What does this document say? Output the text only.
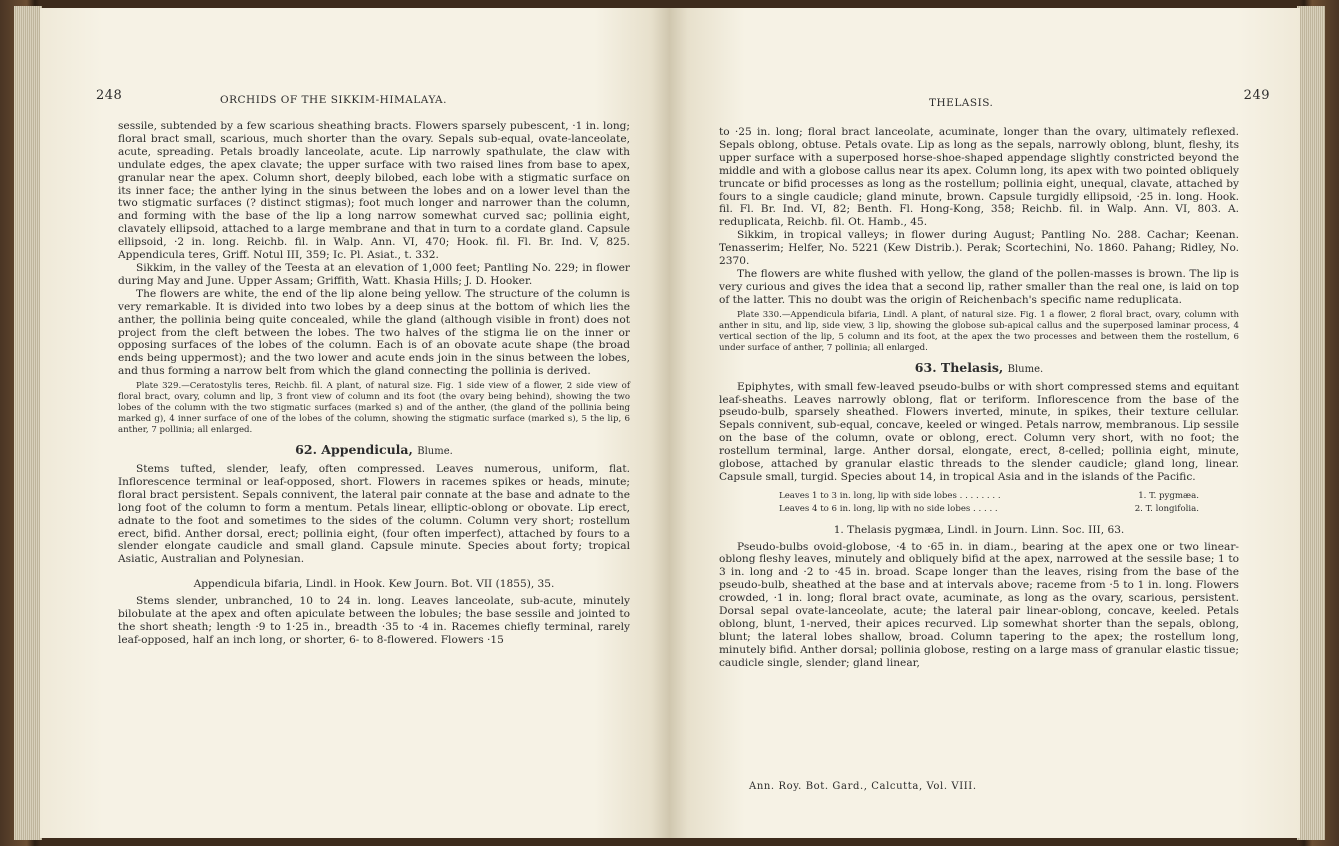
248	ORCHIDS OF THE SIKKIM-HIMALAYA.

sessile, subtended by a few scarious sheathing bracts. Flowers sparsely pubescent, ·1 in. long; floral bract small, scarious, much shorter than the ovary. Sepals sub-equal, ovate-lanceolate, acute, spreading. Petals broadly lanceolate, acute. Lip narrowly spathulate, the claw with undulate edges, the apex clavate; the upper surface with two raised lines from base to apex, granular near the apex. Column short, deeply bilobed, each lobe with a stigmatic surface on its inner face; the anther lying in the sinus between the lobes and on a lower level than the two stigmatic surfaces (? distinct stigmas); foot much longer and narrower than the column, and forming with the base of the lip a long narrow somewhat curved sac; pollinia eight, clavately ellipsoid, attached to a large membrane and that in turn to a cordate gland. Capsule ellipsoid, ·2 in. long. Reichb. fil. in Walp. Ann. VI, 470; Hook. fil. Fl. Br. Ind. V, 825. Appendicula teres, Griff. Notul III, 359; Ic. Pl. Asiat., t. 332.

Sikkim, in the valley of the Teesta at an elevation of 1,000 feet; Pantling No. 229; in flower during May and June. Upper Assam; Griffith, Watt. Khasia Hills; J. D. Hooker.

The flowers are white, the end of the lip alone being yellow. The structure of the column is very remarkable. It is divided into two lobes by a deep sinus at the bottom of which lies the anther, the pollinia being quite concealed, while the gland (although visible in front) does not project from the cleft between the lobes. The two halves of the stigma lie on the inner or opposing surfaces of the lobes of the column. Each is of an obovate acute shape (the broad ends being uppermost); and the two lower and acute ends join in the sinus between the lobes, and thus forming a narrow belt from which the gland connecting the pollinia is derived.

Plate 329.—Ceratostylis teres, Reichb. fil. A plant, of natural size. Fig. 1 side view of a flower, 2 side view of floral bract, ovary, column and lip, 3 front view of column and its foot (the ovary being behind), showing the two lobes of the column with the two stigmatic surfaces (marked s) and of the anther, (the gland of the pollinia being marked g), 4 inner surface of one of the lobes of the column, showing the stigmatic surface (marked s), 5 the lip, 6 anther, 7 pollinia; all enlarged.

62. Appendicula, Blume.

Stems tufted, slender, leafy, often compressed. Leaves numerous, uniform, flat. Inflorescence terminal or leaf-opposed, short. Flowers in racemes spikes or heads, minute; floral bract persistent. Sepals connivent, the lateral pair connate at the base and adnate to the long foot of the column to form a mentum. Petals linear, elliptic-oblong or obovate. Lip erect, adnate to the foot and sometimes to the sides of the column. Column very short; rostellum erect, bifid. Anther dorsal, erect; pollinia eight, (four often imperfect), attached by fours to a slender elongate caudicle and small gland. Capsule minute. Species about forty; tropical Asiatic, Australian and Polynesian.

Appendicula bifaria, Lindl. in Hook. Kew Journ. Bot. VII (1855), 35.

Stems slender, unbranched, 10 to 24 in. long. Leaves lanceolate, sub-acute, minutely bilobulate at the apex and often apiculate between the lobules; the base sessile and jointed to the short sheath; length ·9 to 1·25 in., breadth ·35 to ·4 in. Racemes chiefly terminal, rarely leaf-opposed, half an inch long, or shorter, 6- to 8-flowered. Flowers ·15

THELASIS.	249

to ·25 in. long; floral bract lanceolate, acuminate, longer than the ovary, ultimately reflexed. Sepals oblong, obtuse. Petals ovate. Lip as long as the sepals, narrowly oblong, blunt, fleshy, its upper surface with a superposed horse-shoe-shaped appendage slightly constricted beyond the middle and with a globose callus near its apex. Column long, its apex with two pointed obliquely truncate or bifid processes as long as the rostellum; pollinia eight, unequal, clavate, attached by fours to a single caudicle; gland minute, brown. Capsule turgidly ellipsoid, ·25 in. long. Hook. fil. Fl. Br. Ind. VI, 82; Benth. Fl. Hong-Kong, 358; Reichb. fil. in Walp. Ann. VI, 803. A. reduplicata, Reichb. fil. Ot. Hamb., 45.

Sikkim, in tropical valleys; in flower during August; Pantling No. 288. Cachar; Keenan. Tenasserim; Helfer, No. 5221 (Kew Distrib.). Perak; Scortechini, No. 1860. Pahang; Ridley, No. 2370.

The flowers are white flushed with yellow, the gland of the pollen-masses is brown. The lip is very curious and gives the idea that a second lip, rather smaller than the real one, is laid on top of the latter. This no doubt was the origin of Reichenbach's specific name reduplicata.

Plate 330.—Appendicula bifaria, Lindl. A plant, of natural size. Fig. 1 a flower, 2 floral bract, ovary, column with anther in situ, and lip, side view, 3 lip, showing the globose sub-apical callus and the superposed laminar process, 4 vertical section of the lip, 5 column and its foot, at the apex the two processes and between them the rostellum, 6 under surface of anther, 7 pollinia; all enlarged.

63. Thelasis, Blume.

Epiphytes, with small few-leaved pseudo-bulbs or with short compressed stems and equitant leaf-sheaths. Leaves narrowly oblong, flat or teriform. Inflorescence from the base of the pseudo-bulb, sparsely sheathed. Flowers inverted, minute, in spikes, their texture cellular. Sepals connivent, sub-equal, concave, keeled or winged. Petals narrow, membranous. Lip sessile on the base of the column, ovate or oblong, erect. Column very short, with no foot; the rostellum terminal, large. Anther dorsal, elongate, erect, 8-celled; pollinia eight, minute, globose, attached by granular elastic threads to the slender caudicle; gland long, linear. Capsule small, turgid. Species about 14, in tropical Asia and in the islands of the Pacific.

Leaves 1 to 3 in. long, lip with side lobes . . . . . . . .	1. T. pygmæa.
Leaves 4 to 6 in. long, lip with no side lobes . . . . .	2. T. longifolia.

1. Thelasis pygmæa, Lindl. in Journ. Linn. Soc. III, 63.

Pseudo-bulbs ovoid-globose, ·4 to ·65 in. in diam., bearing at the apex one or two linear-oblong fleshy leaves, minutely and obliquely bifid at the apex, narrowed at the sessile base; 1 to 3 in. long and ·2 to ·45 in. broad. Scape longer than the leaves, rising from the base of the pseudo-bulb, sheathed at the base and at intervals above; raceme from ·5 to 1 in. long. Flowers crowded, ·1 in. long; floral bract ovate, acuminate, as long as the ovary, scarious, persistent. Dorsal sepal ovate-lanceolate, acute; the lateral pair linear-oblong, concave, keeled. Petals oblong, blunt, 1-nerved, their apices recurved. Lip somewhat shorter than the sepals, oblong, blunt; the lateral lobes shallow, broad. Column tapering to the apex; the rostellum long, minutely bifid. Anther dorsal; pollinia globose, resting on a large mass of granular elastic tissue; caudicle single, slender; gland linear,

Ann. Roy. Bot. Gard., Calcutta, Vol. VIII.
